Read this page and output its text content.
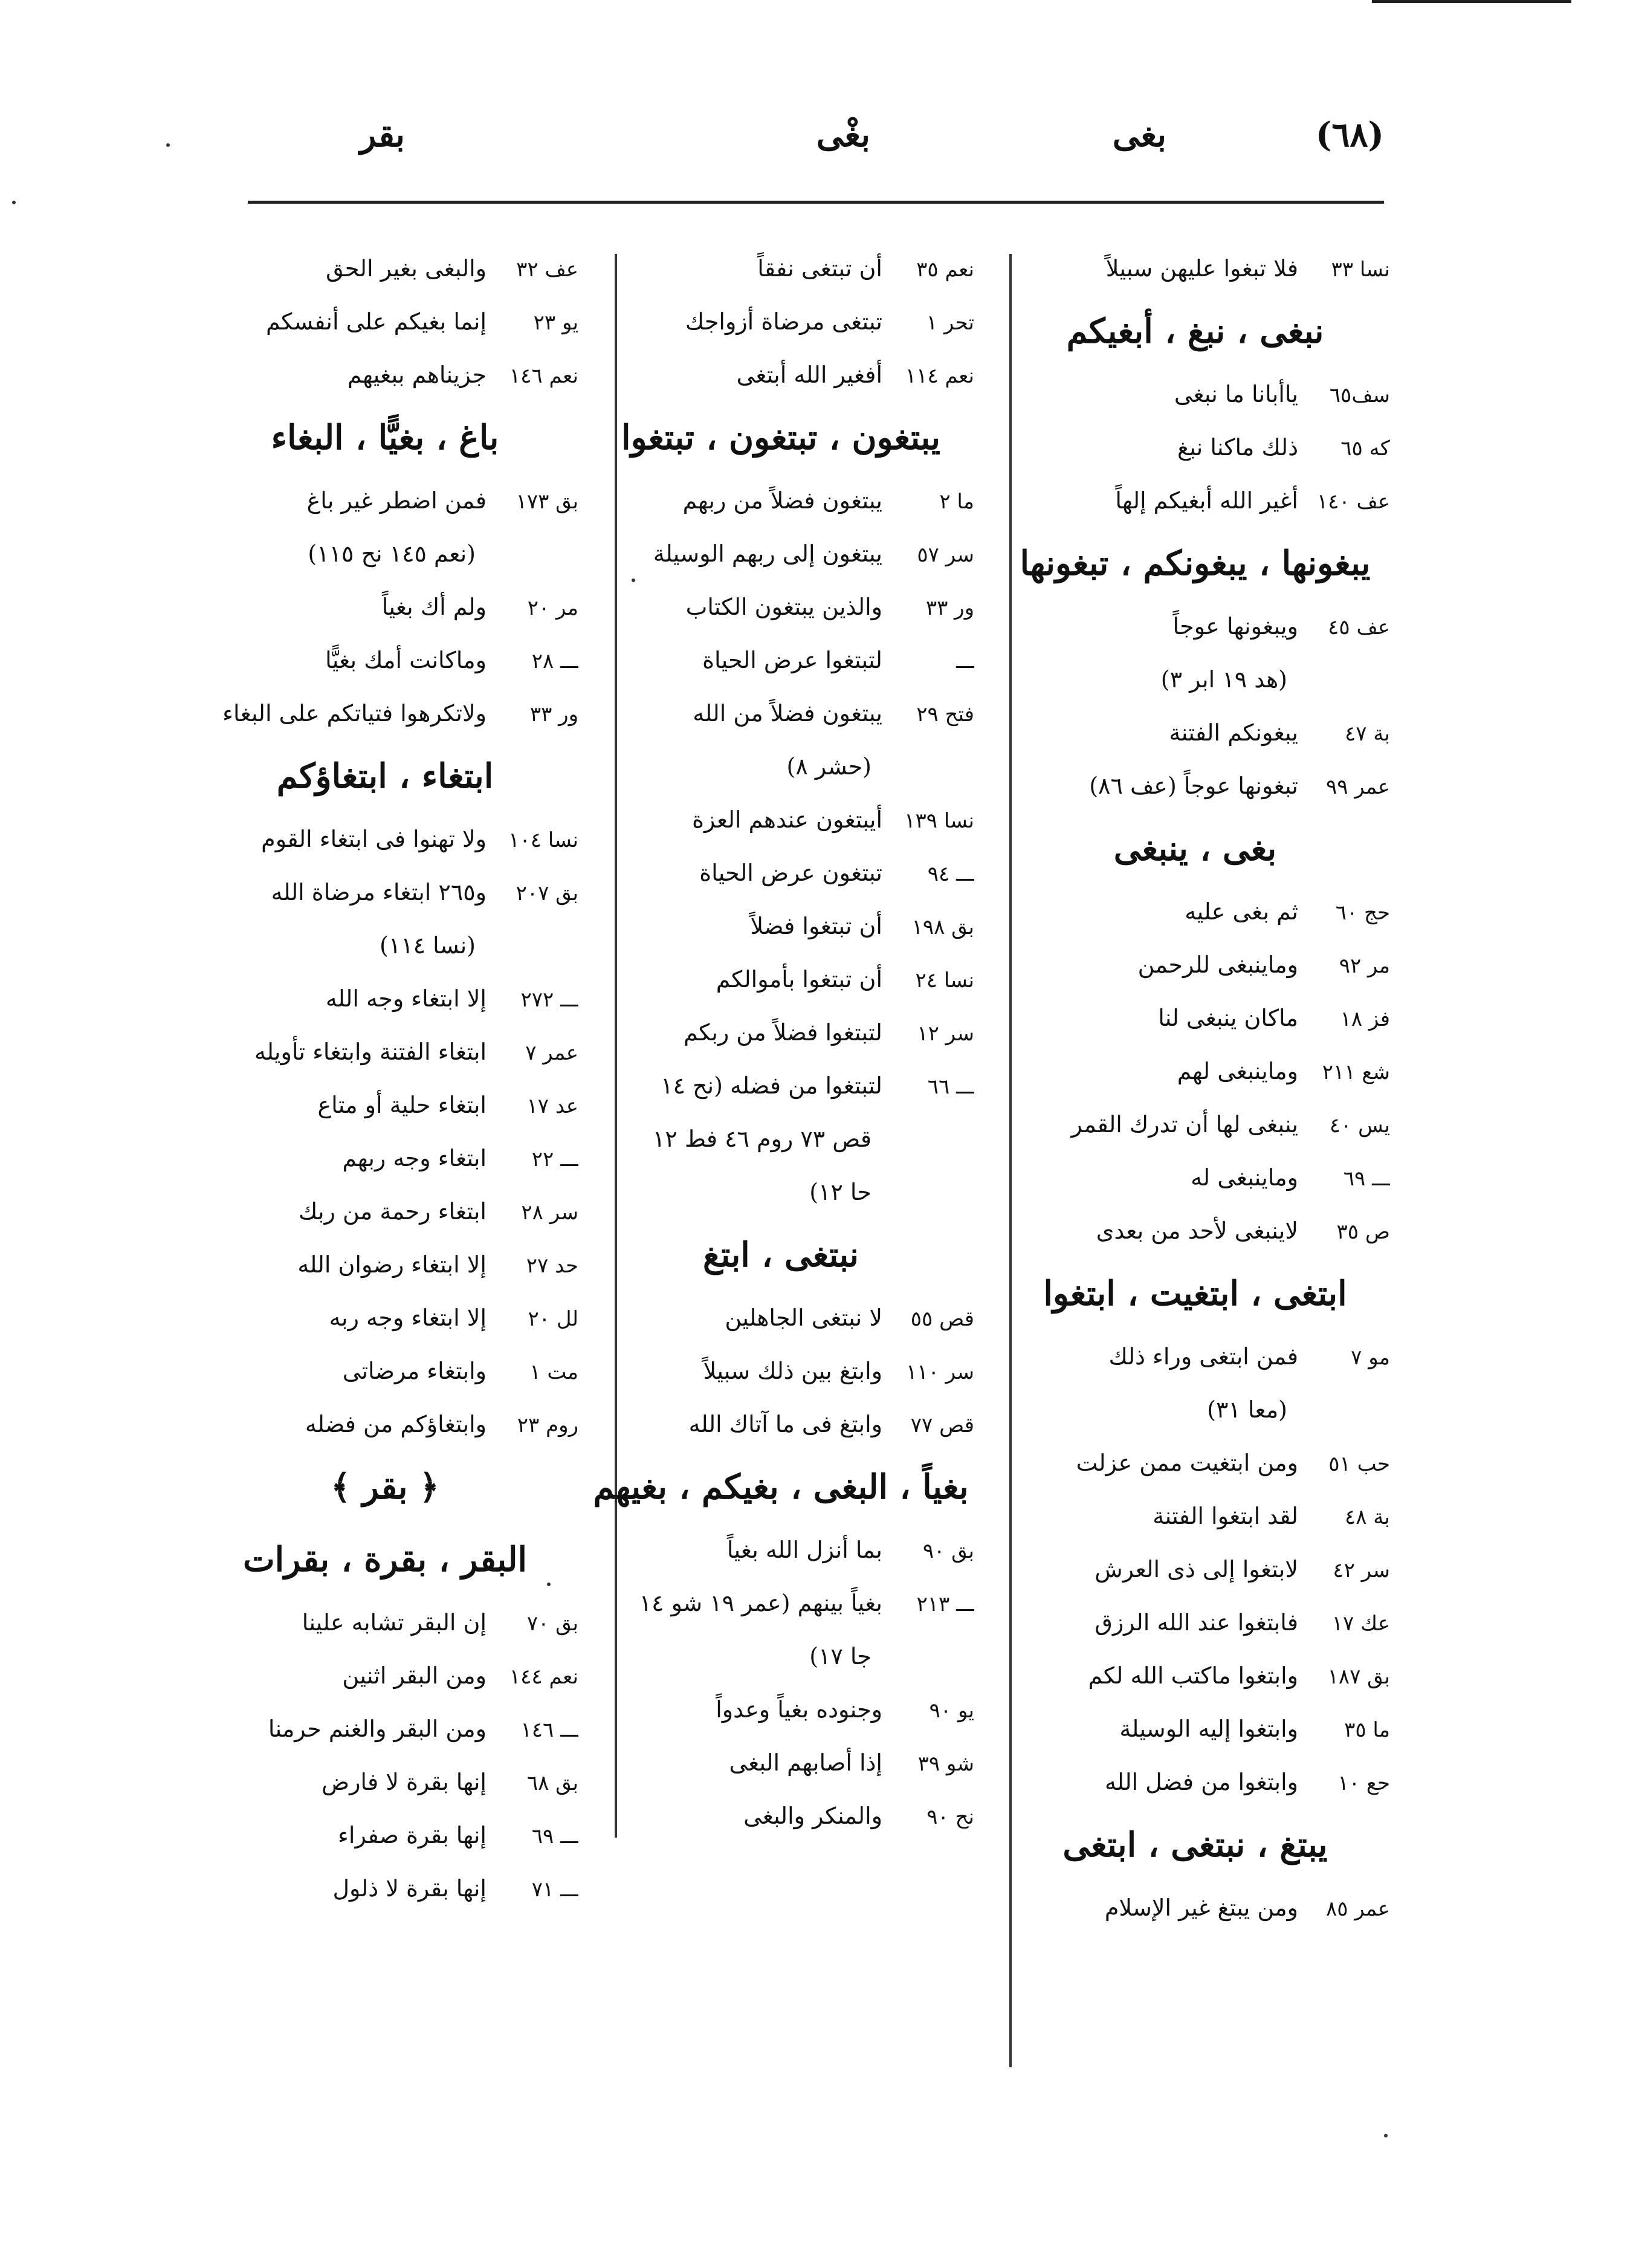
(٦٨)
بغى
بغْى
بقر
نسا ٣٣فلا تبغوا عليهن سبيلاً
نبغى ، نبغ ، أبغيكم
سف٦٥ياأبانا ما نبغى
كه ٦٥ذلك ماكنا نبغ
عف ١٤٠أغير الله أبغيكم إلهاً
يبغونها ، يبغونكم ، تبغونها
عف ٤٥ويبغونها عوجاً
(هد ١٩ ابر ٣)
بة ٤٧يبغونكم الفتنة
عمر ٩٩تبغونها عوجاً (عف ٨٦)
بغى ، ينبغى
حج ٦٠ثم بغى عليه
مر ٩٢وماينبغى للرحمن
فز ١٨ماكان ينبغى لنا
شع ٢١١وماينبغى لهم
يس ٤٠ينبغى لها أن تدرك القمر
ـــ ٦٩وماينبغى له
ص ٣٥لاينبغى لأحد من بعدى
ابتغى ، ابتغيت ، ابتغوا
مو ٧فمن ابتغى وراء ذلك
(معا ٣١)
حب ٥١ومن ابتغيت ممن عزلت
بة ٤٨لقد ابتغوا الفتنة
سر ٤٢لابتغوا إلى ذى العرش
عك ١٧فابتغوا عند الله الرزق
بق ١٨٧وابتغوا ماكتب الله لكم
ما ٣٥وابتغوا إليه الوسيلة
حع ١٠وابتغوا من فضل الله
يبتغ ، نبتغى ، ابتغى
عمر ٨٥ومن يبتغ غير الإسلام
نعم ٣٥أن تبتغى نفقاً
تحر ١تبتغى مرضاة أزواجك
نعم ١١٤أفغير الله أبتغى
يبتغون ، تبتغون ، تبتغوا
ما ٢يبتغون فضلاً من ربهم
سر ٥٧يبتغون إلى ربهم الوسيلة
ور ٣٣والذين يبتغون الكتاب
ـــلتبتغوا عرض الحياة
فتح ٢٩يبتغون فضلاً من الله
(حشر ٨)
نسا ١٣٩أيبتغون عندهم العزة
ـــ ٩٤تبتغون عرض الحياة
بق ١٩٨أن تبتغوا فضلاً
نسا ٢٤أن تبتغوا بأموالكم
سر ١٢لتبتغوا فضلاً من ربكم
ـــ ٦٦لتبتغوا من فضله (نح ١٤
قص ٧٣ روم ٤٦ فط ١٢
حا ١٢)
نبتغى ، ابتغ
قص ٥٥لا نبتغى الجاهلين
سر ١١٠وابتغ بين ذلك سبيلاً
قص ٧٧وابتغ فى ما آتاك الله
بغياً ، البغى ، بغيكم ، بغيهم
بق ٩٠بما أنزل الله بغياً
ـــ ٢١٣بغياً بينهم (عمر ١٩ شو ١٤
جا ١٧)
يو ٩٠وجنوده بغياً وعدواً
شو ٣٩إذا أصابهم البغى
نح ٩٠والمنكر والبغى
عف ٣٢والبغى بغير الحق
يو ٢٣إنما بغيكم على أنفسكم
نعم ١٤٦جزيناهم ببغيهم
باغ ، بغيًّا ، البغاء
بق ١٧٣فمن اضطر غير باغ
(نعم ١٤٥ نح ١١٥)
مر ٢٠ولم أك بغياً
ـــ ٢٨وماكانت أمك بغيًّا
ور ٣٣ولاتكرهوا فتياتكم على البغاء
ابتغاء ، ابتغاؤكم
نسا ١٠٤ولا تهنوا فى ابتغاء القوم
بق ٢٠٧و٢٦٥ ابتغاء مرضاة الله
(نسا ١١٤)
ـــ ٢٧٢إلا ابتغاء وجه الله
عمر ٧ابتغاء الفتنة وابتغاء تأويله
عد ١٧ابتغاء حلية أو متاع
ـــ ٢٢ابتغاء وجه ربهم
سر ٢٨ابتغاء رحمة من ربك
حد ٢٧إلا ابتغاء رضوان الله
لل ٢٠إلا ابتغاء وجه ربه
مت ١وابتغاء مرضاتى
روم ٢٣وابتغاؤكم من فضله
﴿ بقر ﴾
البقر ، بقرة ، بقرات
بق ٧٠إن البقر تشابه علينا
نعم ١٤٤ومن البقر اثنين
ـــ ١٤٦ومن البقر والغنم حرمنا
بق ٦٨إنها بقرة لا فارض
ـــ ٦٩إنها بقرة صفراء
ـــ ٧١إنها بقرة لا ذلول
